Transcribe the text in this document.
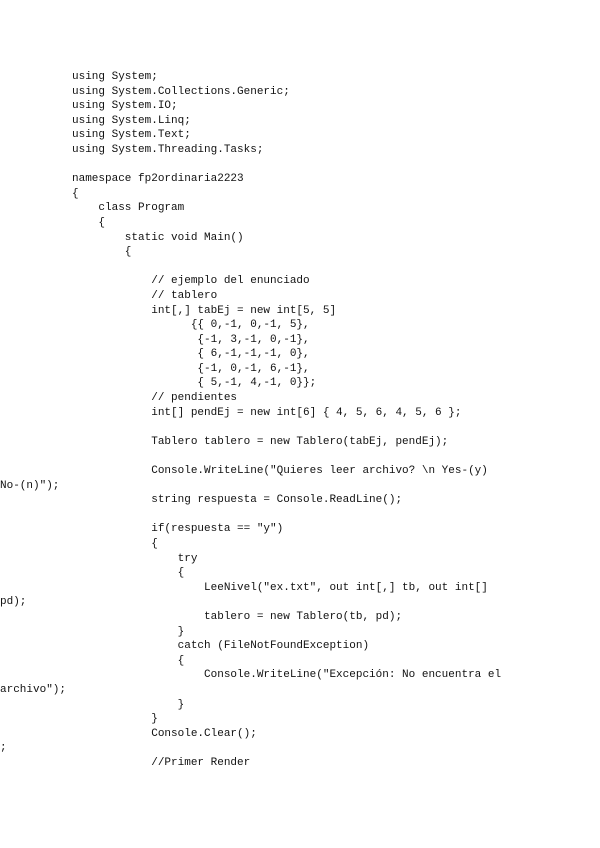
using System;
using System.Collections.Generic;
using System.IO;
using System.Linq;
using System.Text;
using System.Threading.Tasks;
namespace fp2ordinaria2223
{
class Program
{
static void Main()
{
// ejemplo del enunciado
// tablero
int[,] tabEj = new int[5, 5]
{{ 0,-1, 0,-1, 5},
{-1, 3,-1, 0,-1},
{ 6,-1,-1,-1, 0},
{-1, 0,-1, 6,-1},
{ 5,-1, 4,-1, 0}};
// pendientes
int[] pendEj = new int[6] { 4, 5, 6, 4, 5, 6 };
Tablero tablero = new Tablero(tabEj, pendEj);
Console.WriteLine("Quieres leer archivo? \n Yes-(y)
No-(n)");
string respuesta = Console.ReadLine();
if(respuesta == "y")
{
try
{
LeeNivel("ex.txt", out int[,] tb, out int[]
pd);
tablero = new Tablero(tb, pd);
}
catch (FileNotFoundException)
{
Console.WriteLine("Excepción: No encuentra el
archivo");
}
}
Console.Clear();
;
//Primer Render
